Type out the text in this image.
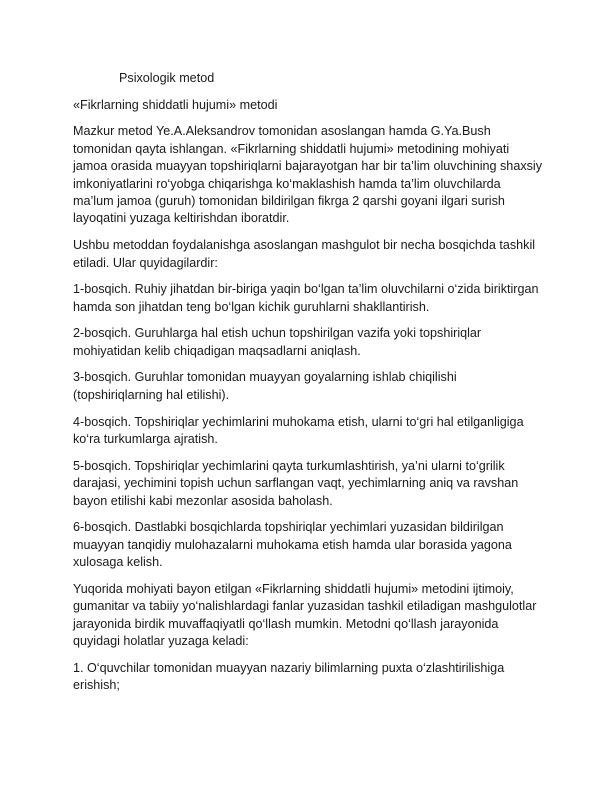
Psixologik metod

«Fikrlarning shiddatli hujumi» metodi

Mazkur metod Ye.A.Aleksandrov tomonidan asoslangan hamda G.Ya.Bush tomonidan qayta ishlangan. «Fikrlarning shiddatli hujumi» metodining mohiyati jamoa orasida muayyan topshiriqlarni bajarayotgan har bir ta’lim oluvchining shaxsiy imkoniyatlarini ro‘yobga chiqarishga ko‘maklashish hamda ta’lim oluvchilarda ma’lum jamoa (guruh) tomonidan bildirilgan fikrga 2 qarshi goyani ilgari surish layoqatini yuzaga keltirishdan iboratdir.

Ushbu metoddan foydalanishga asoslangan mashgulot bir necha bosqichda tashkil etiladi. Ular quyidagilardir:

1-bosqich. Ruhiy jihatdan bir-biriga yaqin bo‘lgan ta’lim oluvchilarni o‘zida biriktirgan hamda son jihatdan teng bo‘lgan kichik guruhlarni shakllantirish.

2-bosqich. Guruhlarga hal etish uchun topshirilgan vazifa yoki topshiriqlar mohiyatidan kelib chiqadigan maqsadlarni aniqlash.

3-bosqich. Guruhlar tomonidan muayyan goyalarning ishlab chiqilishi (topshiriqlarning hal etilishi).

4-bosqich. Topshiriqlar yechimlarini muhokama etish, ularni to‘gri hal etilganligiga ko‘ra turkumlarga ajratish.

5-bosqich. Topshiriqlar yechimlarini qayta turkumlashtirish, ya’ni ularni to‘grilik darajasi, yechimini topish uchun sarflangan vaqt, yechimlarning aniq va ravshan bayon etilishi kabi mezonlar asosida baholash.

6-bosqich. Dastlabki bosqichlarda topshiriqlar yechimlari yuzasidan bildirilgan muayyan tanqidiy mulohazalarni muhokama etish hamda ular borasida yagona xulosaga kelish.

Yuqorida mohiyati bayon etilgan «Fikrlarning shiddatli hujumi» metodini ijtimoiy, gumanitar va tabiiy yo‘nalishlardagi fanlar yuzasidan tashkil etiladigan mashgulotlar jarayonida birdik muvaffaqiyatli qo‘llash mumkin. Metodni qo‘llash jarayonida quyidagi holatlar yuzaga keladi:

1. O‘quvchilar tomonidan muayyan nazariy bilimlarning puxta o‘zlashtirilishiga erishish;
